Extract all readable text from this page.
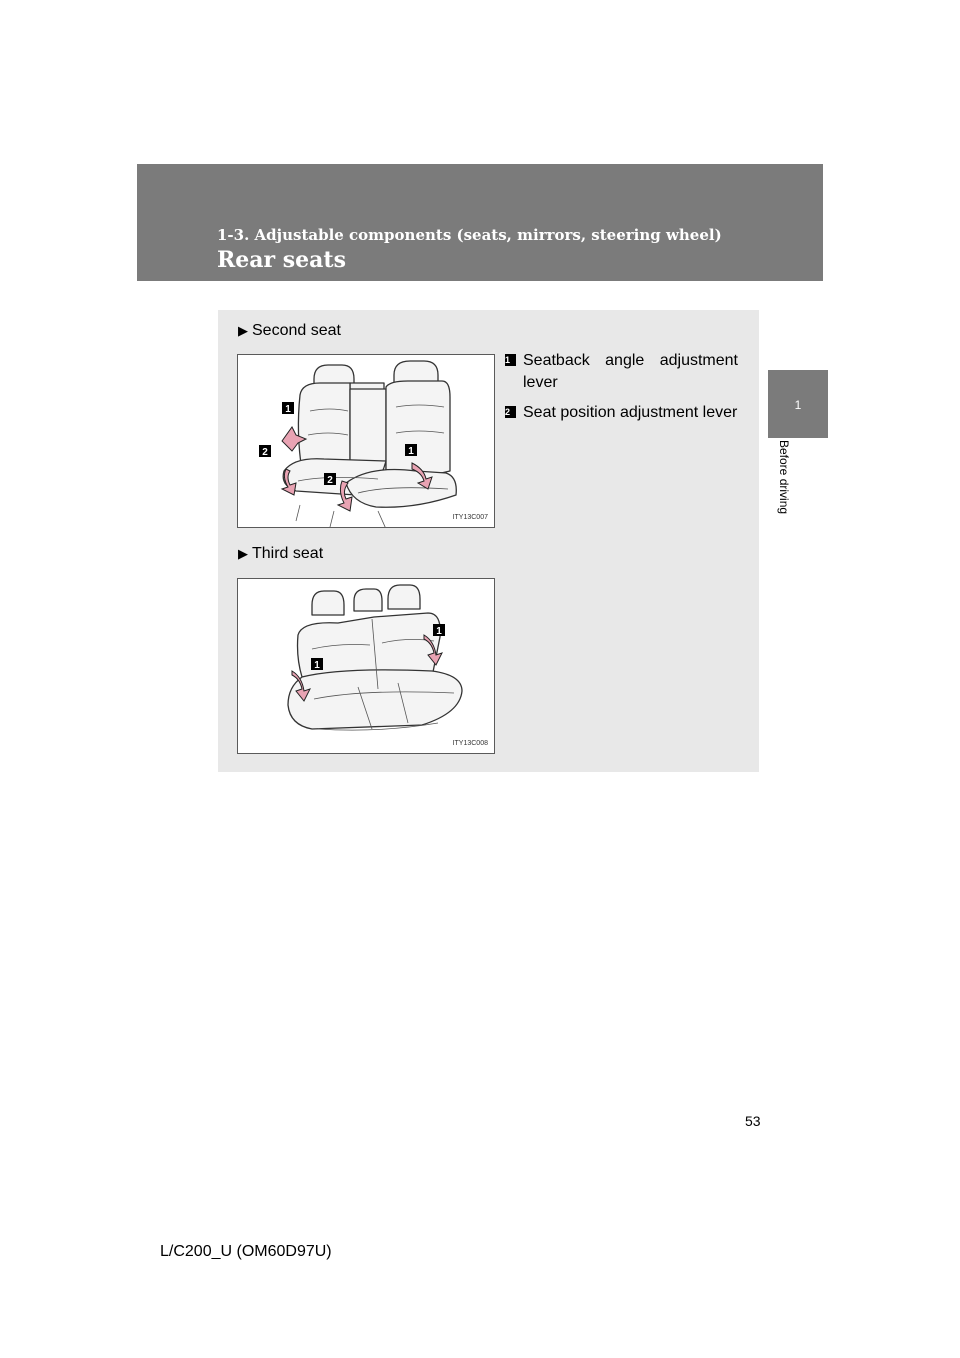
1-3. Adjustable components (seats, mirrors, steering wheel)
Rear seats
1
Before driving
▶ Second seat
1
2
2
1
ITY13C007
1 Seatback angle adjustment lever
2 Seat position adjustment lever
▶ Third seat
1
1
ITY13C008
53
L/C200_U (OM60D97U)
